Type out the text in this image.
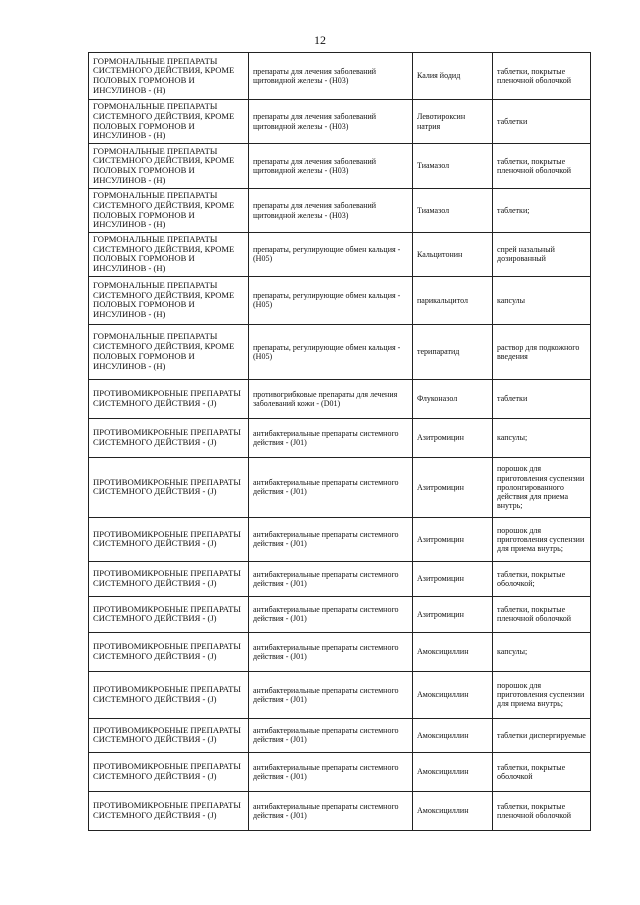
12
ГОРМОНАЛЬНЫЕ ПРЕПАРАТЫ СИСТЕМНОГО ДЕЙСТВИЯ, КРОМЕ ПОЛОВЫХ ГОРМОНОВ И ИНСУЛИНОВ - (H)	препараты для лечения заболеваний щитовидной железы - (H03)	Калия йодид	таблетки, покрытые пленочной оболочкой
ГОРМОНАЛЬНЫЕ ПРЕПАРАТЫ СИСТЕМНОГО ДЕЙСТВИЯ, КРОМЕ ПОЛОВЫХ ГОРМОНОВ И ИНСУЛИНОВ - (H)	препараты для лечения заболеваний щитовидной железы - (H03)	Левотироксин натрия	таблетки
ГОРМОНАЛЬНЫЕ ПРЕПАРАТЫ СИСТЕМНОГО ДЕЙСТВИЯ, КРОМЕ ПОЛОВЫХ ГОРМОНОВ И ИНСУЛИНОВ - (H)	препараты для лечения заболеваний щитовидной железы - (H03)	Тиамазол	таблетки, покрытые пленочной оболочкой
ГОРМОНАЛЬНЫЕ ПРЕПАРАТЫ СИСТЕМНОГО ДЕЙСТВИЯ, КРОМЕ ПОЛОВЫХ ГОРМОНОВ И ИНСУЛИНОВ - (H)	препараты для лечения заболеваний щитовидной железы - (H03)	Тиамазол	таблетки;
ГОРМОНАЛЬНЫЕ ПРЕПАРАТЫ СИСТЕМНОГО ДЕЙСТВИЯ, КРОМЕ ПОЛОВЫХ ГОРМОНОВ И ИНСУЛИНОВ - (H)	препараты, регулирующие обмен кальция - (H05)	Кальцитонин	спрей назальный дозированный
ГОРМОНАЛЬНЫЕ ПРЕПАРАТЫ СИСТЕМНОГО ДЕЙСТВИЯ, КРОМЕ ПОЛОВЫХ ГОРМОНОВ И ИНСУЛИНОВ - (H)	препараты, регулирующие обмен кальция - (H05)	парикальцитол	капсулы
ГОРМОНАЛЬНЫЕ ПРЕПАРАТЫ СИСТЕМНОГО ДЕЙСТВИЯ, КРОМЕ ПОЛОВЫХ ГОРМОНОВ И ИНСУЛИНОВ - (H)	препараты, регулирующие обмен кальция - (H05)	терипаратид	раствор для подкожного введения
ПРОТИВОМИКРОБНЫЕ ПРЕПАРАТЫ СИСТЕМНОГО ДЕЙСТВИЯ - (J)	противогрибковые препараты для лечения заболеваний кожи - (D01)	Флуконазол	таблетки
ПРОТИВОМИКРОБНЫЕ ПРЕПАРАТЫ СИСТЕМНОГО ДЕЙСТВИЯ - (J)	антибактериальные препараты системного действия - (J01)	Азитромицин	капсулы;
ПРОТИВОМИКРОБНЫЕ ПРЕПАРАТЫ СИСТЕМНОГО ДЕЙСТВИЯ - (J)	антибактериальные препараты системного действия - (J01)	Азитромицин	порошок для приготовления суспензии пролонгированного действия для приема внутрь;
ПРОТИВОМИКРОБНЫЕ ПРЕПАРАТЫ СИСТЕМНОГО ДЕЙСТВИЯ - (J)	антибактериальные препараты системного действия - (J01)	Азитромицин	порошок для приготовления суспензии для приема внутрь;
ПРОТИВОМИКРОБНЫЕ ПРЕПАРАТЫ СИСТЕМНОГО ДЕЙСТВИЯ - (J)	антибактериальные препараты системного действия - (J01)	Азитромицин	таблетки, покрытые оболочкой;
ПРОТИВОМИКРОБНЫЕ ПРЕПАРАТЫ СИСТЕМНОГО ДЕЙСТВИЯ - (J)	антибактериальные препараты системного действия - (J01)	Азитромицин	таблетки, покрытые пленочной оболочкой
ПРОТИВОМИКРОБНЫЕ ПРЕПАРАТЫ СИСТЕМНОГО ДЕЙСТВИЯ - (J)	антибактериальные препараты системного действия - (J01)	Амоксициллин	капсулы;
ПРОТИВОМИКРОБНЫЕ ПРЕПАРАТЫ СИСТЕМНОГО ДЕЙСТВИЯ - (J)	антибактериальные препараты системного действия - (J01)	Амоксициллин	порошок для приготовления суспензии для приема внутрь;
ПРОТИВОМИКРОБНЫЕ ПРЕПАРАТЫ СИСТЕМНОГО ДЕЙСТВИЯ - (J)	антибактериальные препараты системного действия - (J01)	Амоксициллин	таблетки диспергируемые
ПРОТИВОМИКРОБНЫЕ ПРЕПАРАТЫ СИСТЕМНОГО ДЕЙСТВИЯ - (J)	антибактериальные препараты системного действия - (J01)	Амоксициллин	таблетки, покрытые оболочкой
ПРОТИВОМИКРОБНЫЕ ПРЕПАРАТЫ СИСТЕМНОГО ДЕЙСТВИЯ - (J)	антибактериальные препараты системного действия - (J01)	Амоксициллин	таблетки, покрытые пленочной оболочкой
